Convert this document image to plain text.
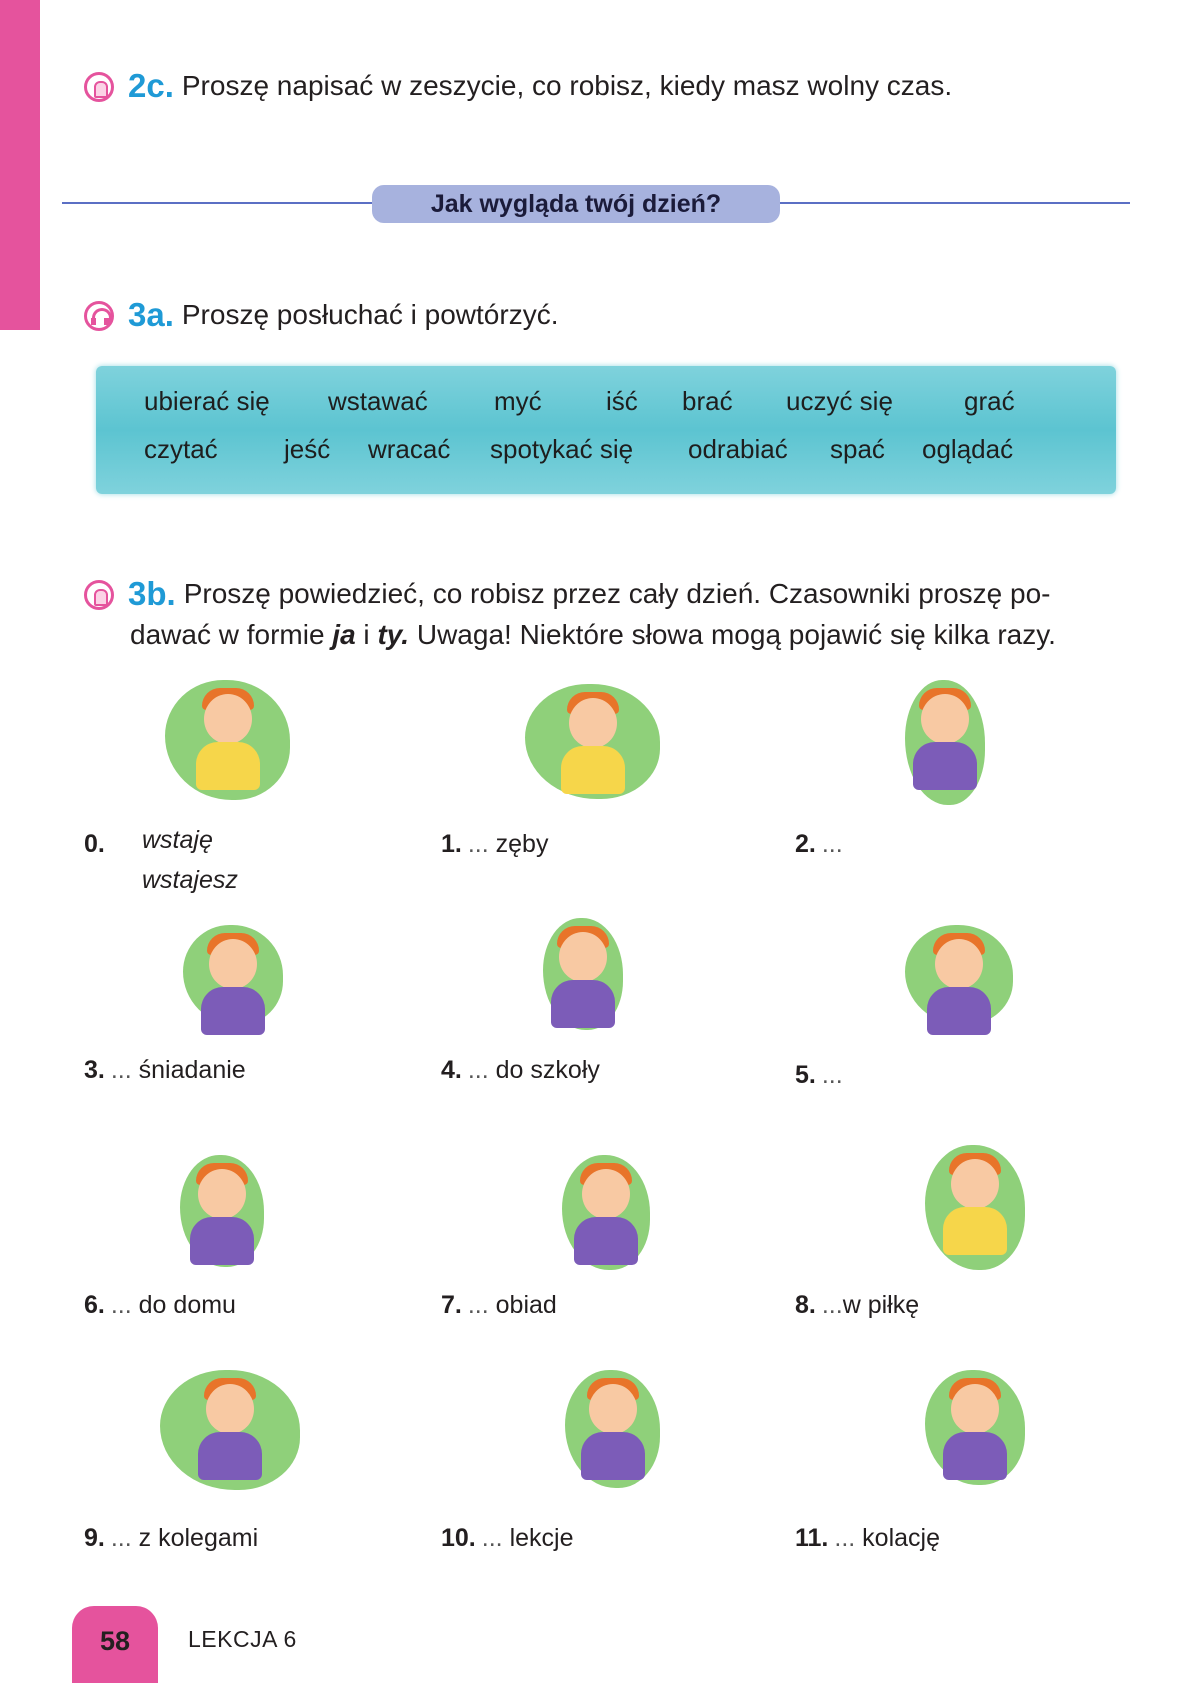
2c. Proszę napisać w zeszycie, co robisz, kiedy masz wolny czas.
Jak wygląda twój dzień?
3a. Proszę posłuchać i powtórzyć.
ubierać się wstawać	myć iść brać uczyć się	grać
czytać	jeść wracać spotykać się odrabiać spać oglądać
3b. Proszę powiedzieć, co robisz przez cały dzień. Czasowniki proszę po-
dawać w formie ja i ty. Uwaga! Niektóre słowa mogą pojawić się kilka razy.
0. wstaję
wstajesz
1. ... zęby	2. ...
3. ... śniadanie	4. ... do szkoły	5. ...
6. ... do domu	7. ... obiad	8. ...w piłkę
9. ... z kolegami	10. ... lekcje	11. ... kolację
58	LEKCJA 6
